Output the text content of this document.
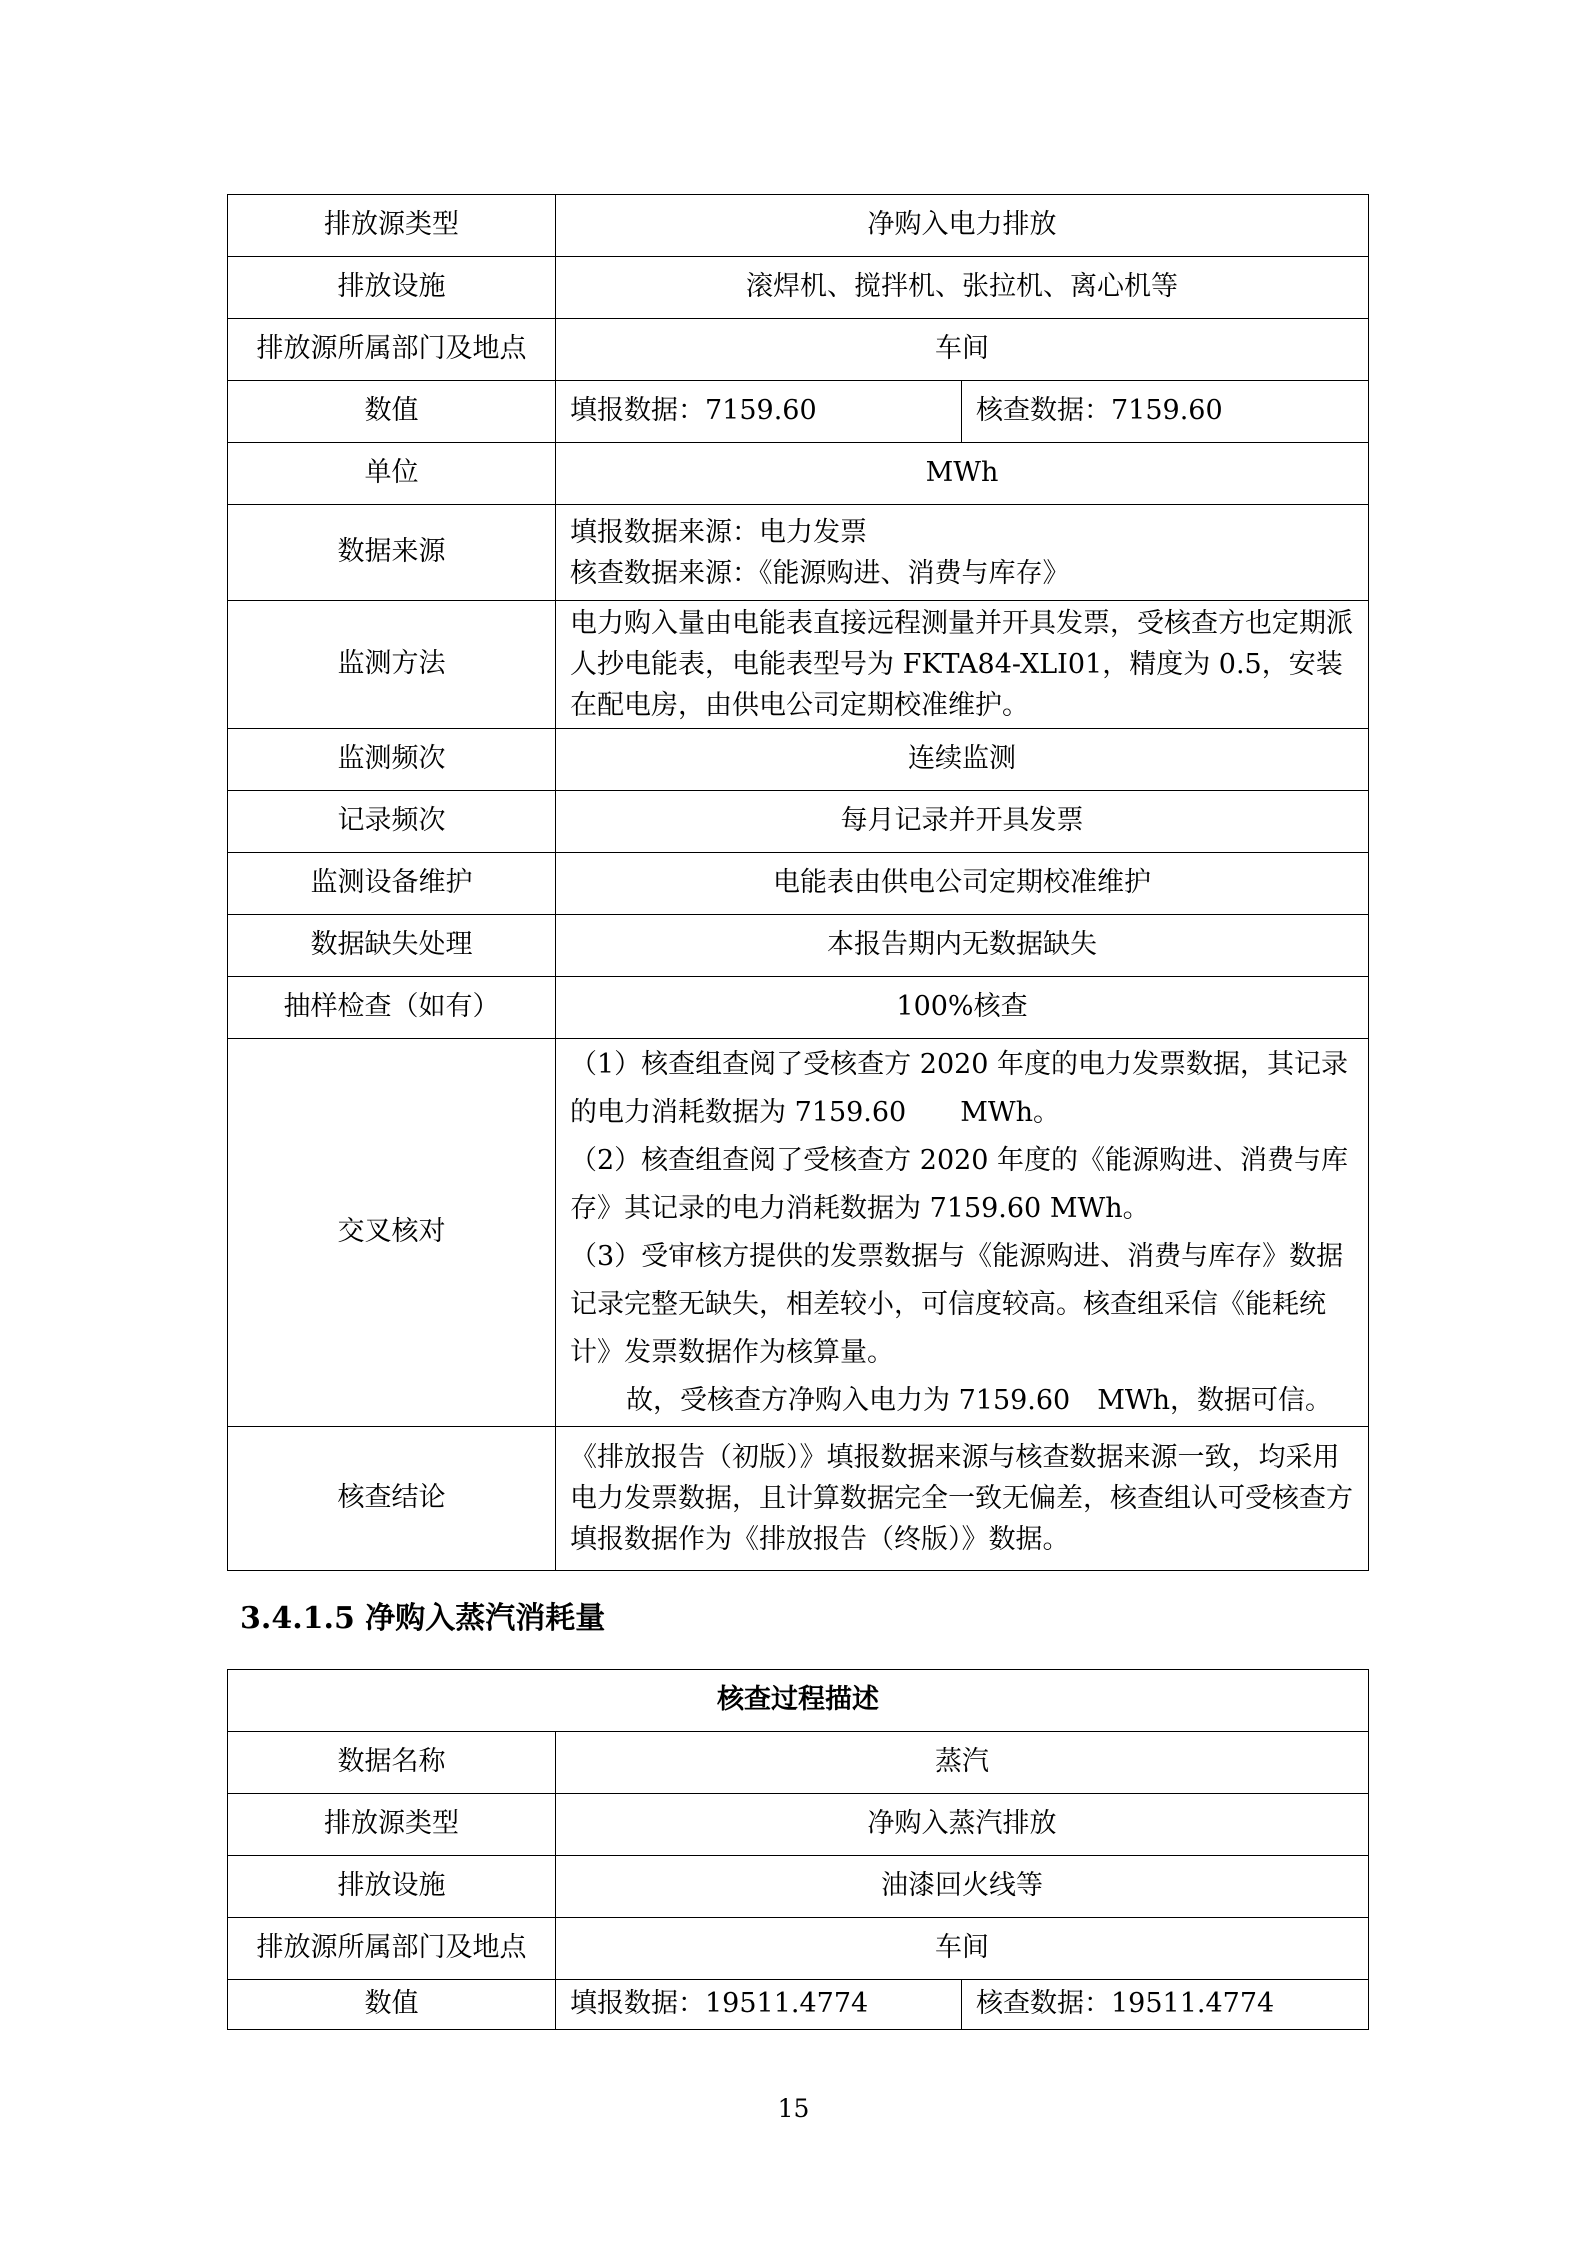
排放源类型	净购入电力排放	
排放设施	滚焊机、搅拌机、张拉机、离心机等	
排放源所属部门及地点	车间	
数值	填报数据：7159.60	核查数据：7159.60
单位	MWh	
数据来源	填报数据来源：电力发票
核查数据来源：《能源购进、消费与库存》	

监测方法	电力购入量由电能表直接远程测量并开具发票，受核查方也定期派人抄电能表，电能表型号为 FKTA84-XLI01，精度为 0.5，安装在配电房，由供电公司定期校准维护。	
监测频次	连续监测	
记录频次	每月记录并开具发票	
监测设备维护	电能表由供电公司定期校准维护	
数据缺失处理	本报告期内无数据缺失	
抽样检查（如有）	100%核查	
交叉核对	（1）核查组查阅了受核查方 2020 年度的电力发票数据，其记录的电力消耗数据为 7159.60　　MWh。
（2）核查组查阅了受核查方 2020 年度的《能源购进、消费与库存》其记录的电力消耗数据为 7159.60 MWh。
（3）受审核方提供的发票数据与《能源购进、消费与库存》数据记录完整无缺失，相差较小，可信度较高。核查组采信《能耗统计》发票数据作为核算量。
故，受核查方净购入电力为 7159.60　MWh，数据可信。	

核查结论	《排放报告（初版）》填报数据来源与核查数据来源一致，均采用电力发票数据，且计算数据完全一致无偏差，核查组认可受核查方填报数据作为《排放报告（终版）》数据。	
3.4.1.5 净购入蒸汽消耗量
核查过程描述		
数据名称	蒸汽	
排放源类型	净购入蒸汽排放	
排放设施	油漆回火线等	
排放源所属部门及地点	车间	
数值	填报数据：19511.4774	核查数据：19511.4774
15
